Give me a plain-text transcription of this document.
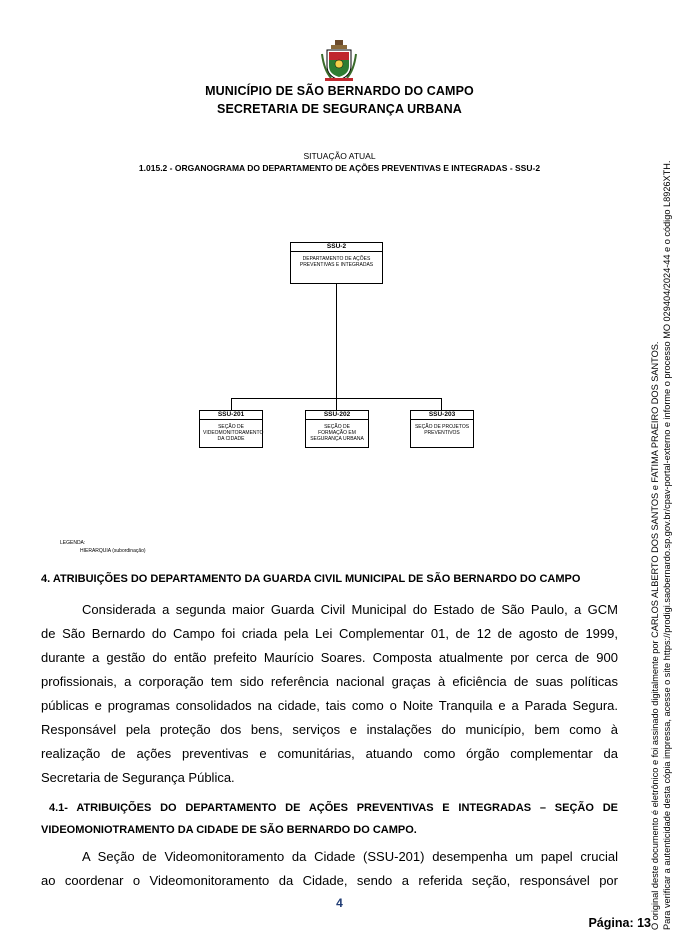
MUNICÍPIO DE SÃO BERNARDO DO CAMPO
SECRETARIA DE SEGURANÇA URBANA
SITUAÇÃO ATUAL
1.015.2 - ORGANOGRAMA DO DEPARTAMENTO DE AÇÕES PREVENTIVAS E INTEGRADAS - SSU-2
SSU-2
DEPARTAMENTO DE AÇÕES PREVENTIVAS E INTEGRADAS
SSU-201
SEÇÃO DE VIDEOMONITORAMENTO DA CIDADE
SSU-202
SEÇÃO DE FORMAÇÃO EM SEGURANÇA URBANA
SSU-203
SEÇÃO DE PROJETOS PREVENTIVOS
LEGENDA:
HIERARQUIA (subordinação)
4. ATRIBUIÇÕES DO DEPARTAMENTO DA GUARDA CIVIL MUNICIPAL DE SÃO BERNARDO DO CAMPO
Considerada a segunda maior Guarda Civil Municipal do Estado de São Paulo, a GCM
de São Bernardo do Campo foi criada pela Lei Complementar 01, de 12 de agosto de 1999,
durante a gestão do então prefeito Maurício Soares. Composta atualmente por cerca de 900
profissionais, a corporação tem sido referência nacional graças à eficiência de suas políticas
públicas e programas consolidados na cidade, tais como o Noite Tranquila e a Parada Segura.
Responsável pela proteção dos bens, serviços e instalações do município, bem como à
realização de ações preventivas e comunitárias, atuando como órgão complementar da
Secretaria de Segurança Pública.
4.1- ATRIBUIÇÕES DO DEPARTAMENTO DE AÇÕES PREVENTIVAS E INTEGRADAS – SEÇÃO DE
VIDEOMONIOTRAMENTO DA CIDADE DE SÃO BERNARDO DO CAMPO.
A Seção de Videomonitoramento da Cidade (SSU-201) desempenha um papel crucial
ao coordenar o Videomonitoramento da Cidade, sendo a referida seção, responsável por
4
Página: 13 O original deste documento é eletrônico e foi assinado digitalmente por CARLOS ALBERTO DOS SANTOS e FATIMA PRAEIRO DOS SANTOS. Para verificar a autenticidade desta cópia impressa, acesse o site https://prodigi.saobernardo.sp.gov.br/cpav-portal-externo e informe o processo MO 029404/2024-44 e o código L8926XTH.
